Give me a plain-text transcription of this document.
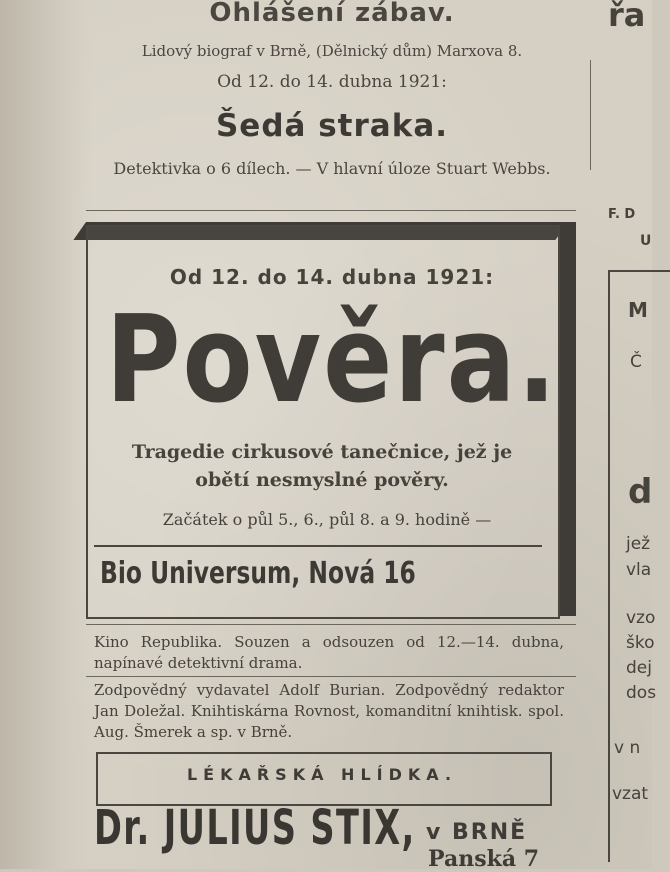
Ohlášení zábav.
Lidový biograf v Brně, (Dělnický dům) Marxova 8.
Od 12. do 14. dubna 1921:
Šedá straka.
Detektivka o 6 dílech. — V hlavní úloze Stuart Webbs.
Od 12. do 14. dubna 1921:
Pověra.
Tragedie cirkusové tanečnice, jež je obětí nesmyslné pověry.
Začátek o půl 5., 6., půl 8. a 9. hodině —
Bio Universum, Nová 16
Kino Republika. Souzen a odsouzen od 12.—14. dubna, napínavé detektivní drama.
Zodpovědný vydavatel Adolf Burian. Zodpovědný redaktor Jan Doležal. Knihtiskárna Rovnost, komanditní knihtisk. spol. Aug. Šmerek a sp. v Brně.
LÉKAŘSKÁ HLÍDKA.
Dr. JULIUS STIX, v BRNĚ
Panská 7
řa
F. D
U
M
Č
d
jež
vla
vzo
ško
dej
dos
v n
vzat
